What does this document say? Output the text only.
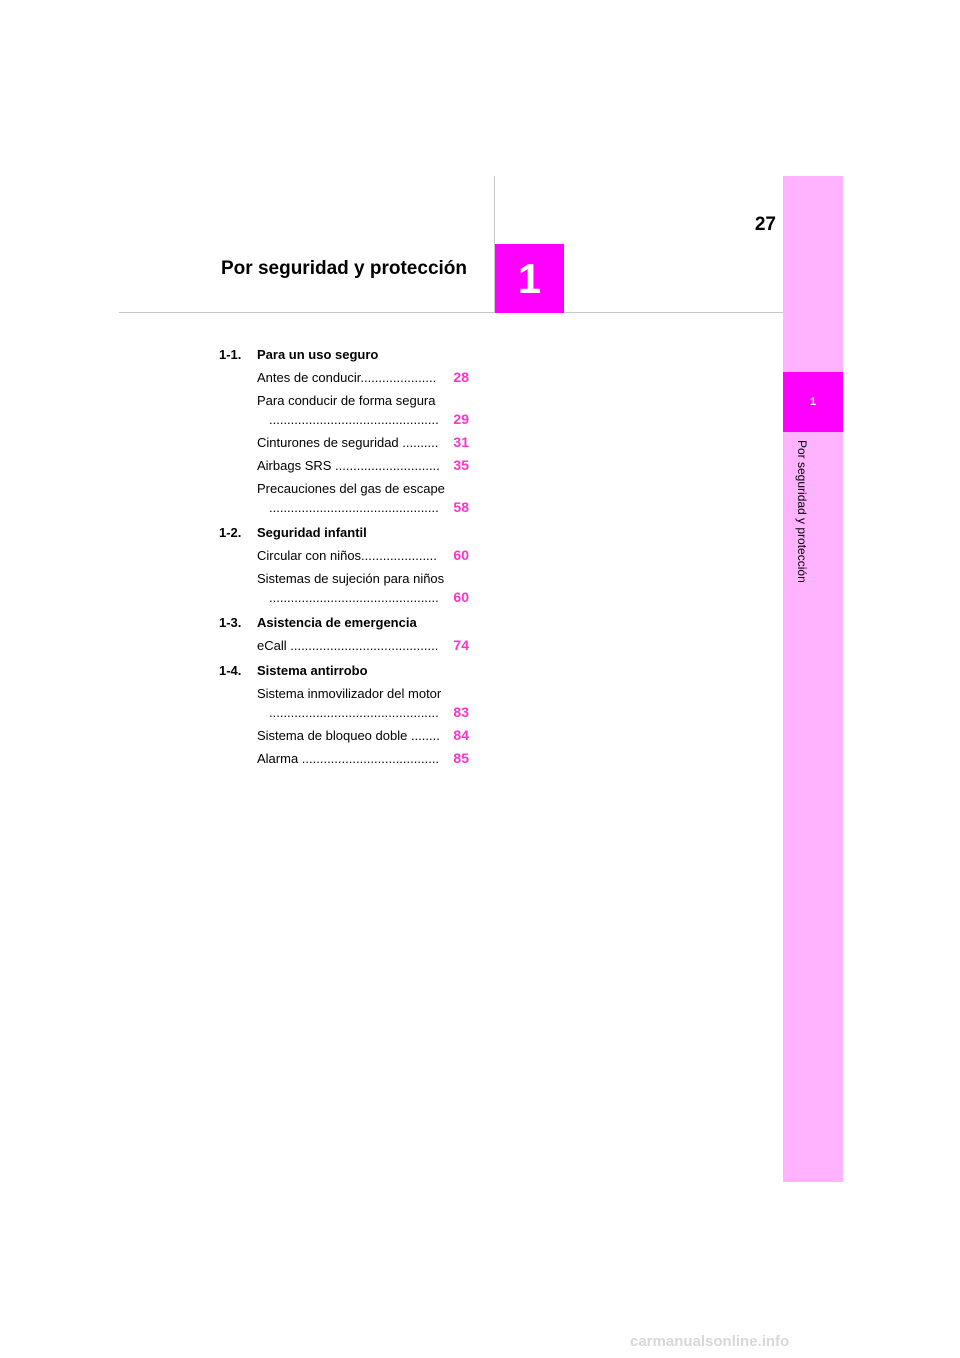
27
Por seguridad y protección	1
1
Por seguridad y protección
1-1.	Para un uso seguro
Antes de conducir.....................	28
Para conducir de forma segura
...............................................	29
Cinturones de seguridad ..........	31
Airbags SRS ............................. 35
Precauciones del gas de escape
...............................................	58
1-2.	Seguridad infantil
Circular con niños.....................	60
Sistemas de sujeción para niños
...............................................	60
1-3.	Asistencia de emergencia
eCall .........................................	74
1-4.	Sistema antirrobo
Sistema inmovilizador del motor
...............................................	83
Sistema de bloqueo doble ........ 84
Alarma ......................................	85
carmanualsonline.info
